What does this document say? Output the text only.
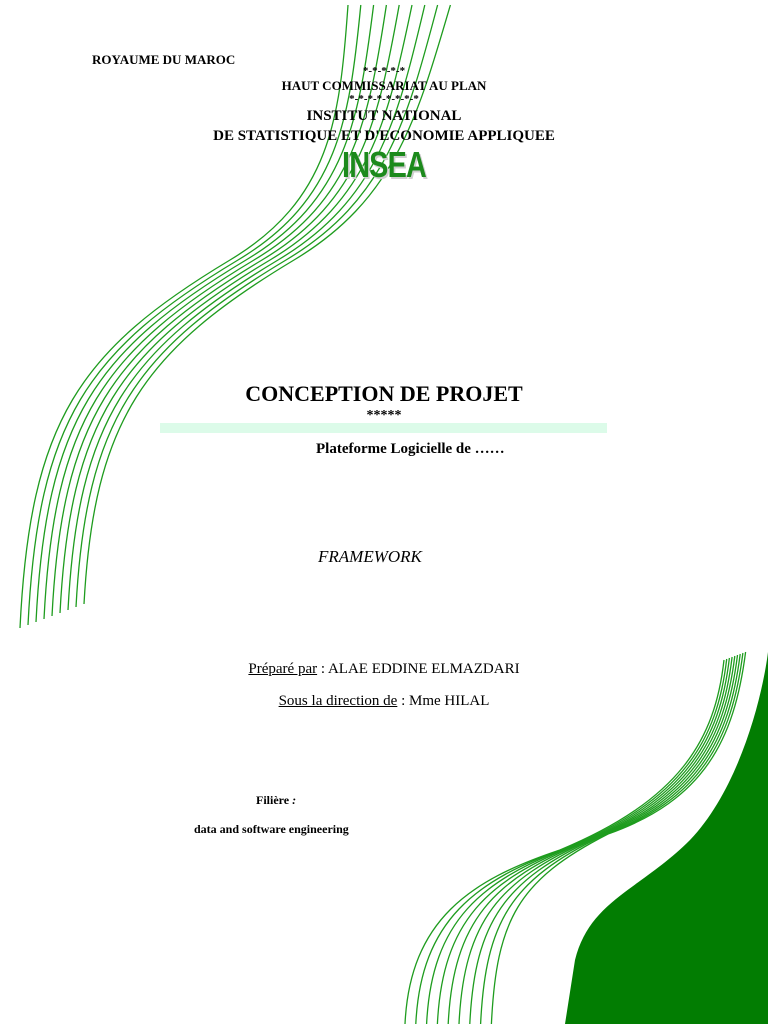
ROYAUME DU MAROC
*-*-*-*-*
HAUT COMMISSARIAT AU PLAN
*-*-*-*-*-*-*-*
INSTITUT NATIONAL
DE STATISTIQUE ET D'ECONOMIE APPLIQUEE
INSEA
CONCEPTION DE PROJET
*****
Plateforme Logicielle de ……
FRAMEWORK
Préparé par : ALAE EDDINE ELMAZDARI
Sous la direction de : Mme HILAL
Filière :
data and software engineering
